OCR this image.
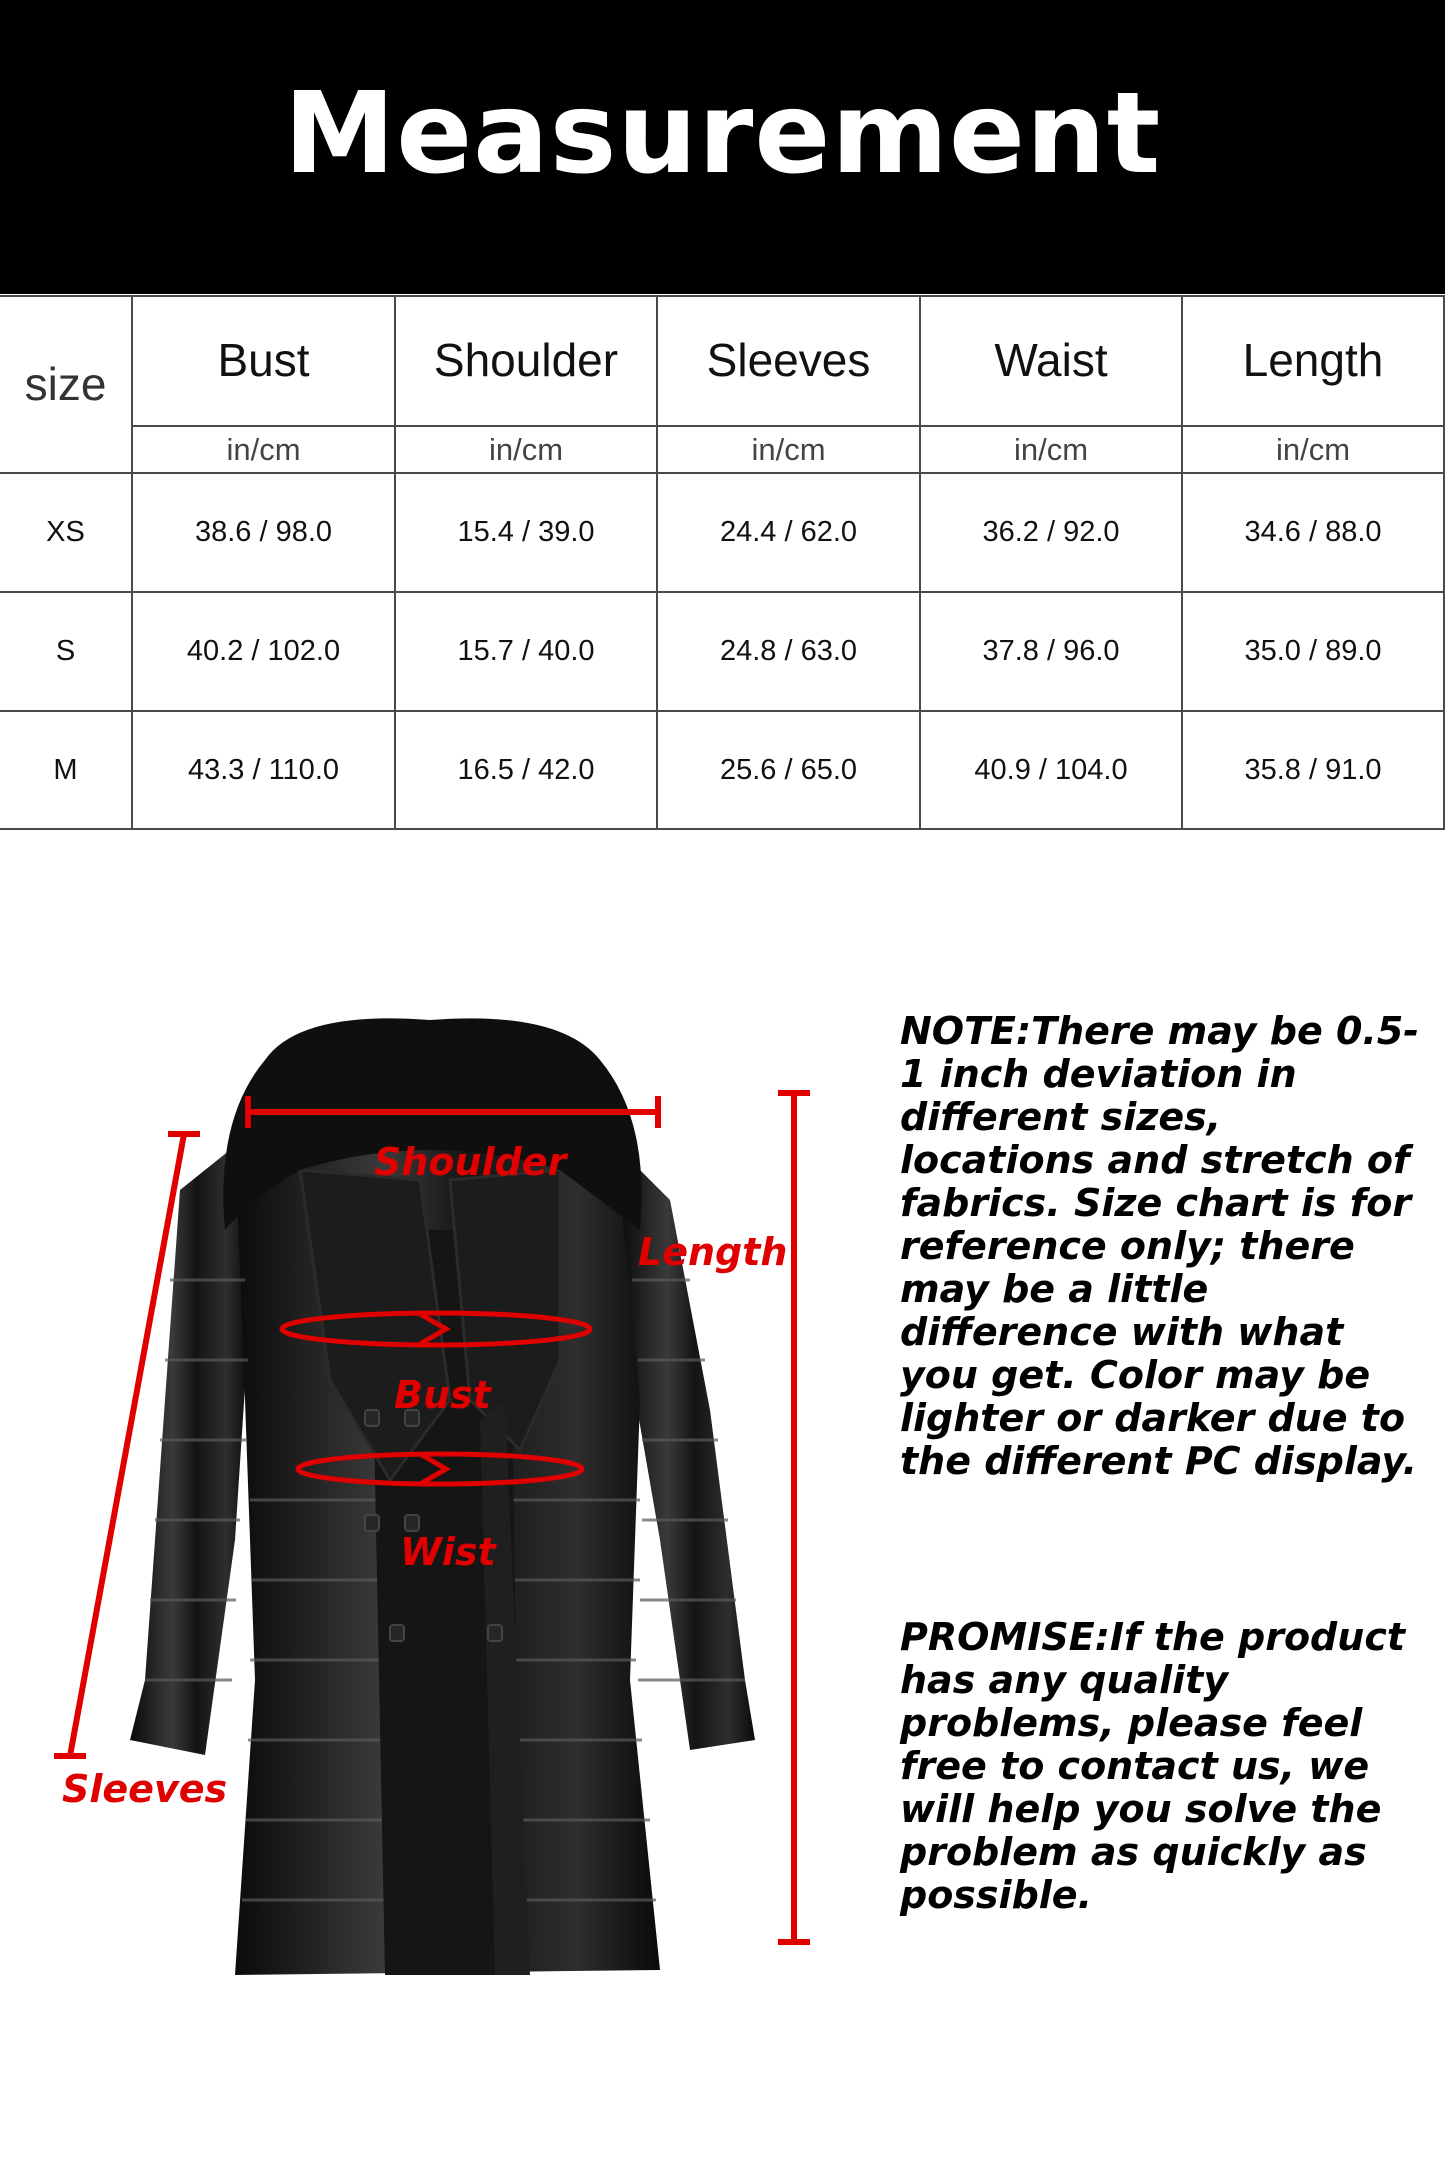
Measurement
size	Bust	Shoulder	Sleeves	Waist	Length
in/cm	in/cm	in/cm	in/cm	in/cm
XS	38.6 / 98.0	15.4 / 39.0	24.4 / 62.0	36.2 / 92.0	34.6 / 88.0
S	40.2 / 102.0	15.7 / 40.0	24.8 / 63.0	37.8 / 96.0	35.0 / 89.0
M	43.3 / 110.0	16.5 / 42.0	25.6 / 65.0	40.9 / 104.0	35.8 / 91.0
Shoulder
Length
Bust
Wist
Sleeves
NOTE:There may be 0.5-1 inch deviation in different sizes, locations and stretch of fabrics. Size chart is for reference only; there may be a little difference with what you get. Color may be lighter or darker due to the different PC display.
PROMISE:If the product has any quality problems, please feel free to contact us, we will help you solve the problem as quickly as possible.
